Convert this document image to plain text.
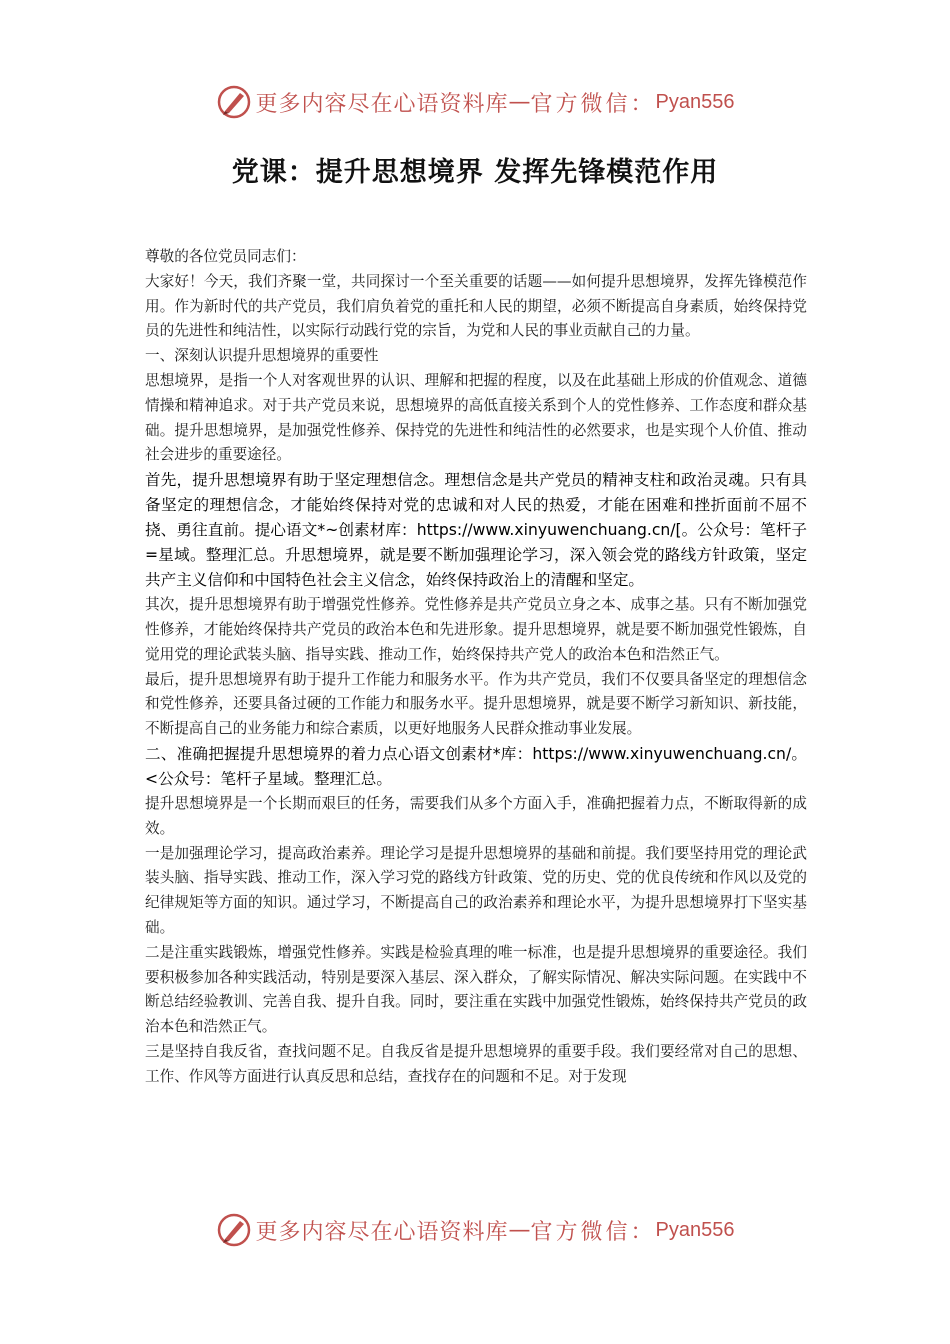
更多内容尽在心语资料库 — 官方微信： Pyan556
党课：提升思想境界 发挥先锋模范作用

尊敬的各位党员同志们：

大家好！今天，我们齐聚一堂，共同探讨一个至关重要的话题——如何提升思想境界，发挥先锋模范作用。作为新时代的共产党员，我们肩负着党的重托和人民的期望，必须不断提高自身素质，始终保持党员的先进性和纯洁性，以实际行动践行党的宗旨，为党和人民的事业贡献自己的力量。

一、深刻认识提升思想境界的重要性

思想境界，是指一个人对客观世界的认识、理解和把握的程度，以及在此基础上形成的价值观念、道德情操和精神追求。对于共产党员来说，思想境界的高低直接关系到个人的党性修养、工作态度和群众基础。提升思想境界，是加强党性修养、保持党的先进性和纯洁性的必然要求，也是实现个人价值、推动社会进步的重要途径。

首先，提升思想境界有助于坚定理想信念。理想信念是共产党员的精神支柱和政治灵魂。只有具备坚定的理想信念，才能始终保持对党的忠诚和对人民的热爱，才能在困难和挫折面前不屈不挠、勇往直前。提心语文*~创素材库：https://www.xinyuwenchuang.cn/[。公众号：笔杆子=星域。整理汇总。升思想境界，就是要不断加强理论学习，深入领会党的路线方针政策，坚定共产主义信仰和中国特色社会主义信念，始终保持政治上的清醒和坚定。

其次，提升思想境界有助于增强党性修养。党性修养是共产党员立身之本、成事之基。只有不断加强党性修养，才能始终保持共产党员的政治本色和先进形象。提升思想境界，就是要不断加强党性锻炼，自觉用党的理论武装头脑、指导实践、推动工作，始终保持共产党人的政治本色和浩然正气。

最后，提升思想境界有助于提升工作能力和服务水平。作为共产党员，我们不仅要具备坚定的理想信念和党性修养，还要具备过硬的工作能力和服务水平。提升思想境界，就是要不断学习新知识、新技能，不断提高自己的业务能力和综合素质，以更好地服务人民群众推动事业发展。

二、准确把握提升思想境界的着力点心语文创素材*库：https://www.xinyuwenchuang.cn/。<公众号：笔杆子星域。整理汇总。

提升思想境界是一个长期而艰巨的任务，需要我们从多个方面入手，准确把握着力点，不断取得新的成效。

一是加强理论学习，提高政治素养。理论学习是提升思想境界的基础和前提。我们要坚持用党的理论武装头脑、指导实践、推动工作，深入学习党的路线方针政策、党的历史、党的优良传统和作风以及党的纪律规矩等方面的知识。通过学习，不断提高自己的政治素养和理论水平，为提升思想境界打下坚实基础。

二是注重实践锻炼，增强党性修养。实践是检验真理的唯一标准，也是提升思想境界的重要途径。我们要积极参加各种实践活动，特别是要深入基层、深入群众，了解实际情况、解决实际问题。在实践中不断总结经验教训、完善自我、提升自我。同时，要注重在实践中加强党性锻炼，始终保持共产党员的政治本色和浩然正气。

三是坚持自我反省，查找问题不足。自我反省是提升思想境界的重要手段。我们要经常对自己的思想、工作、作风等方面进行认真反思和总结，查找存在的问题和不足。对于发现

更多内容尽在心语资料库 — 官方微信： Pyan556
